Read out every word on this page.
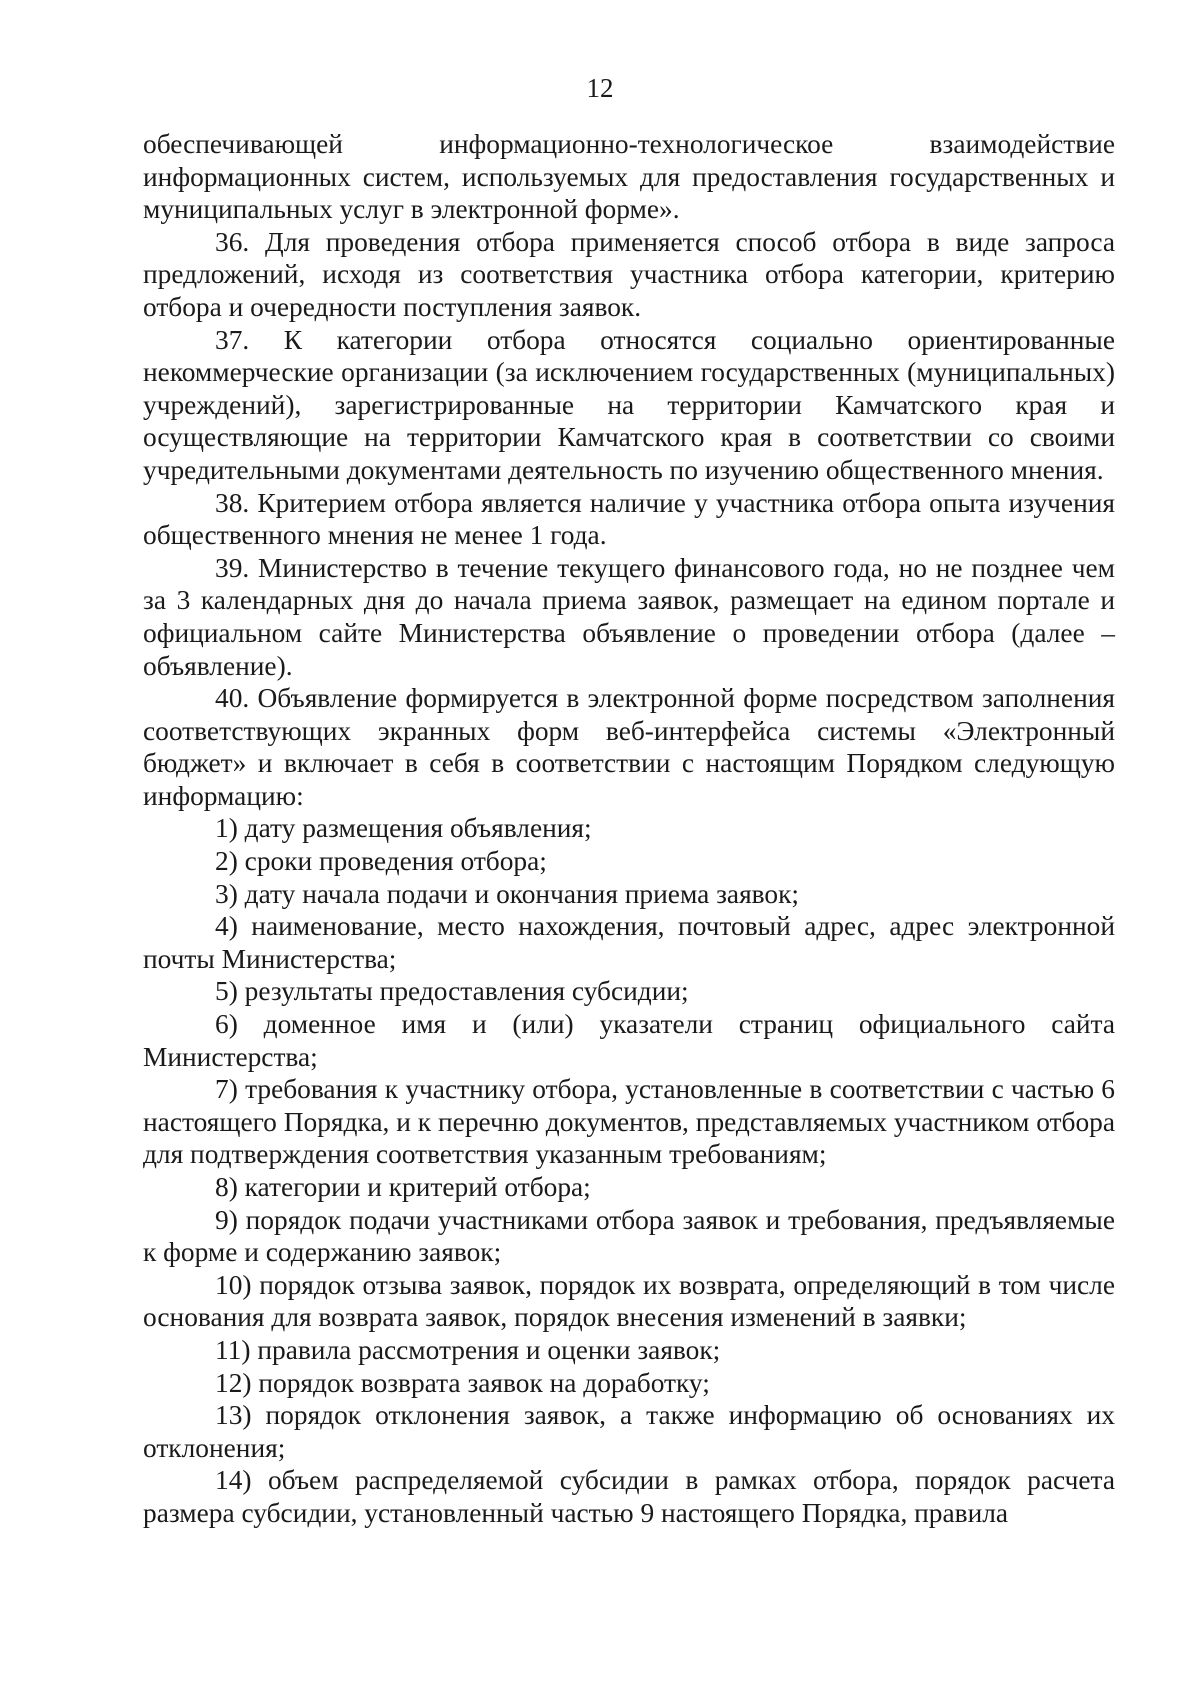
12

обеспечивающей информационно-технологическое взаимодействие информационных систем, используемых для предоставления государственных и муниципальных услуг в электронной форме».

36. Для проведения отбора применяется способ отбора в виде запроса предложений, исходя из соответствия участника отбора категории, критерию отбора и очередности поступления заявок.

37. К категории отбора относятся социально ориентированные некоммерческие организации (за исключением государственных (муниципальных) учреждений), зарегистрированные на территории Камчатского края и осуществляющие на территории Камчатского края в соответствии со своими учредительными документами деятельность по изучению общественного мнения.

38. Критерием отбора является наличие у участника отбора опыта изучения общественного мнения не менее 1 года.

39. Министерство в течение текущего финансового года, но не позднее чем за 3 календарных дня до начала приема заявок, размещает на едином портале и официальном сайте Министерства объявление о проведении отбора (далее – объявление).

40. Объявление формируется в электронной форме посредством заполнения соответствующих экранных форм веб-интерфейса системы «Электронный бюджет» и включает в себя в соответствии с настоящим Порядком следующую информацию:

1) дату размещения объявления;

2) сроки проведения отбора;

3) дату начала подачи и окончания приема заявок;

4) наименование, место нахождения, почтовый адрес, адрес электронной почты Министерства;

5) результаты предоставления субсидии;

6) доменное имя и (или) указатели страниц официального сайта Министерства;

7) требования к участнику отбора, установленные в соответствии с частью 6 настоящего Порядка, и к перечню документов, представляемых участником отбора для подтверждения соответствия указанным требованиям;

8) категории и критерий отбора;

9) порядок подачи участниками отбора заявок и требования, предъявляемые к форме и содержанию заявок;

10) порядок отзыва заявок, порядок их возврата, определяющий в том числе основания для возврата заявок, порядок внесения изменений в заявки;

11) правила рассмотрения и оценки заявок;

12) порядок возврата заявок на доработку;

13) порядок отклонения заявок, а также информацию об основаниях их отклонения;

14) объем распределяемой субсидии в рамках отбора, порядок расчета размера субсидии, установленный частью 9 настоящего Порядка, правила
